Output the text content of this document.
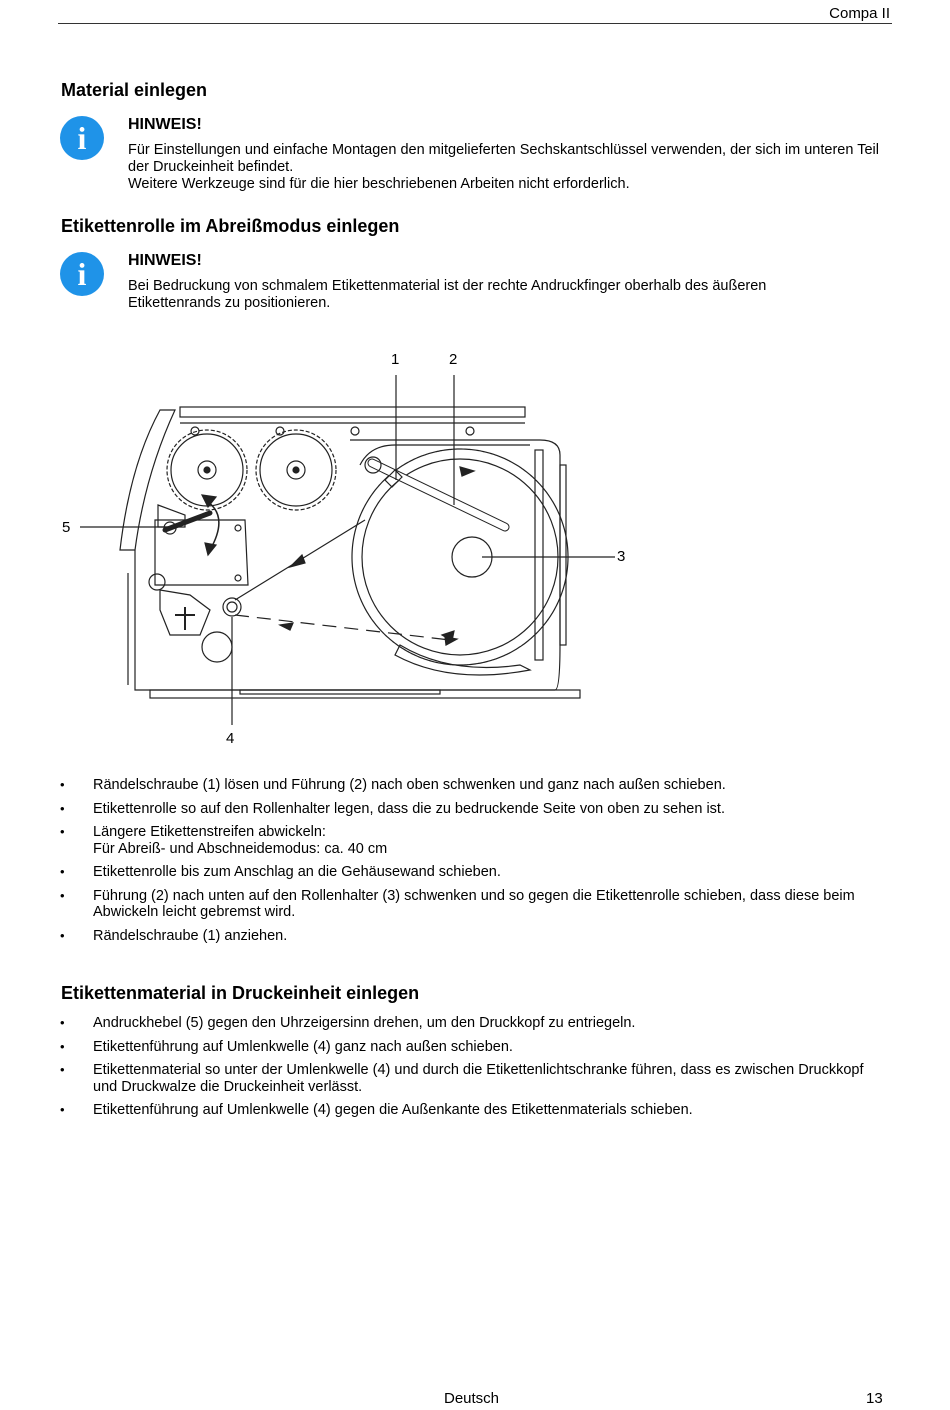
Compa II
Material einlegen
i	HINWEIS!
Für Einstellungen und einfache Montagen den mitgelieferten Sechskantschlüssel verwenden, der sich im unteren Teil der Druckeinheit befindet.
Weitere Werkzeuge sind für die hier beschriebenen Arbeiten nicht erforderlich.
Etikettenrolle im Abreißmodus einlegen
i	HINWEIS!
Bei Bedruckung von schmalem Etikettenmaterial ist der rechte Andruckfinger oberhalb des äußeren Etikettenrands zu positionieren.
1	2
3
4
5
• Rändelschraube (1) lösen und Führung (2) nach oben schwenken und ganz nach außen schieben.
• Etikettenrolle so auf den Rollenhalter legen, dass die zu bedruckende Seite von oben zu sehen ist.
• Längere Etikettenstreifen abwickeln:
Für Abreiß- und Abschneidemodus: ca. 40 cm
• Etikettenrolle bis zum Anschlag an die Gehäusewand schieben.
• Führung (2) nach unten auf den Rollenhalter (3) schwenken und so gegen die Etikettenrolle schieben, dass diese beim Abwickeln leicht gebremst wird.
• Rändelschraube (1) anziehen.
Etikettenmaterial in Druckeinheit einlegen
• Andruckhebel (5) gegen den Uhrzeigersinn drehen, um den Druckkopf zu entriegeln.
• Etikettenführung auf Umlenkwelle (4) ganz nach außen schieben.
• Etikettenmaterial so unter der Umlenkwelle (4) und durch die Etikettenlichtschranke führen, dass es zwischen Druckkopf und Druckwalze die Druckeinheit verlässt.
• Etikettenführung auf Umlenkwelle (4) gegen die Außenkante des Etikettenmaterials schieben.
Deutsch	13
